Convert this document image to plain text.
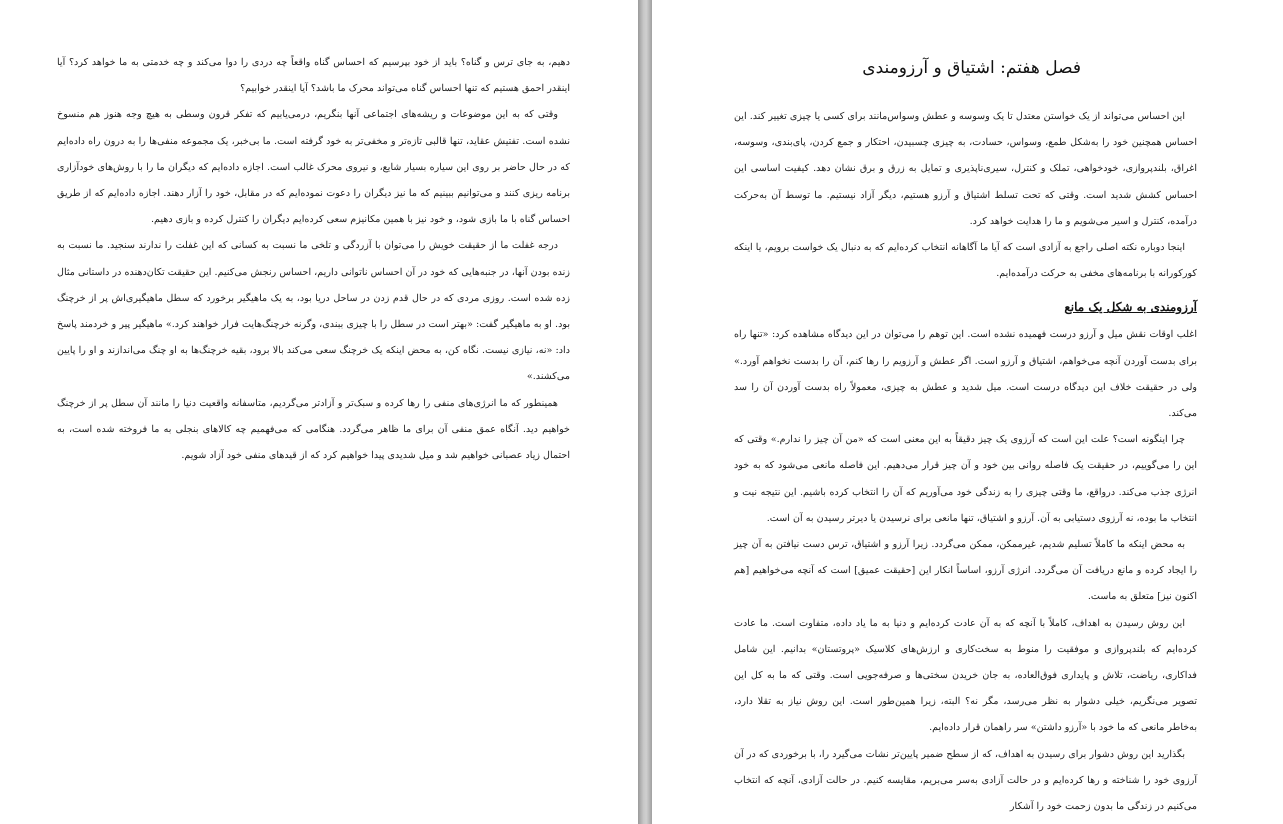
دهیم، به جای ترس و گناه؟ باید از خود بپرسیم که احساس گناه واقعاً چه دردی را دوا می‌کند و چه خدمتی به ما خواهد کرد؟ آیا اینقدر احمق هستیم که تنها احساس گناه می‌تواند محرک ما باشد؟ آیا اینقدر خوابیم؟

وقتی که به این موضوعات و ریشه‌های اجتماعی آنها بنگریم، درمی‌یابیم که تفکر قرون وسطی به هیچ وجه هنوز هم منسوخ نشده است. تفتیش عقاید، تنها قالبی تازه‌تر و مخفی‌تر به خود گرفته است. ما بی‌خبر، یک مجموعه منفی‌ها را به درون راه داده‌ایم که در حال حاضر بر روی این سیاره بسیار شایع، و نیروی محرک غالب است. اجازه داده‌ایم که دیگران ما را با روش‌های خودآزاری برنامه ریزی کنند و می‌توانیم ببینیم که ما نیز دیگران را دعوت نموده‌ایم که در مقابل، خود را آزار دهند. اجازه داده‌ایم که از طریق احساس گناه با ما بازی شود، و خود نیز با همین مکانیزم سعی کرده‌ایم دیگران را کنترل کرده و بازی دهیم.

درجه غفلت ما از حقیقت خویش را می‌توان با آزردگی و تلخی ما نسبت به کسانی که این غفلت را ندارند سنجید. ما نسبت به زنده بودن آنها، در جنبه‌هایی که خود در آن احساس ناتوانی داریم، احساس رنجش می‌کنیم. این حقیقت تکان‌دهنده در داستانی مثال زده شده است. روزی مردی که در حال قدم زدن در ساحل دریا بود، به یک ماهیگیر برخورد که سطل ماهیگیری‌اش پر از خرچنگ بود. او به ماهیگیر گفت: «بهتر است در سطل را با چیزی ببندی، وگرنه خرچنگ‌هایت فرار خواهند کرد.» ماهیگیر پیر و خردمند پاسخ داد: «نه، نیازی نیست. نگاه کن، به محض اینکه یک خرچنگ سعی می‌کند بالا برود، بقیه خرچنگ‌ها به او چنگ می‌اندازند و او را پایین می‌کشند.»

همینطور که ما انرژی‌های منفی را رها کرده و سبک‌تر و آزادتر می‌گردیم، متاسفانه واقعیت دنیا را مانند آن سطل پر از خرچنگ خواهیم دید. آنگاه عمق منفی آن برای ما ظاهر می‌گردد. هنگامی که می‌فهمیم چه کالاهای بنجلی به ما فروخته شده است، به احتمال زیاد عصبانی خواهیم شد و میل شدیدی پیدا خواهیم کرد که از قیدهای منفی خود آزاد شویم.

فصل هفتم: اشتیاق و آرزومندی

این احساس می‌تواند از یک خواستن معتدل تا یک وسوسه و عطش وسواس‌مانند برای کسی یا چیزی تغییر کند. این احساس همچنین خود را به‌شکل طمع، وسواس، حسادت، به چیزی چسبیدن، احتکار و جمع کردن، پای‌بندی، وسوسه، اغراق، بلندپروازی، خودخواهی، تملک و کنترل، سیری‌ناپذیری و تمایل به زرق و برق نشان دهد. کیفیت اساسی این احساس کشش شدید است. وقتی که تحت تسلط اشتیاق و آرزو هستیم، دیگر آزاد نیستیم. ما توسط آن به‌حرکت درآمده، کنترل و اسیر می‌شویم و ما را هدایت خواهد کرد.

اینجا دوباره نکته اصلی راجع به آزادی است که آیا ما آگاهانه انتخاب کرده‌ایم که به دنبال یک خواست برویم، یا اینکه کورکورانه با برنامه‌های مخفی به حرکت درآمده‌ایم.

آرزومندی به شکل یک مانع

اغلب اوقات نقش میل و آرزو درست فهمیده نشده است. این توهم را می‌توان در این دیدگاه مشاهده کرد: «تنها راه برای بدست آوردن آنچه می‌خواهم، اشتیاق و آرزو است. اگر عطش و آرزویم را رها کنم، آن را بدست نخواهم آورد.» ولی در حقیقت خلاف این دیدگاه درست است. میل شدید و عطش به چیزی، معمولاً راه بدست آوردن آن را سد می‌کند.

چرا اینگونه است؟ علت این است که آرزوی یک چیز دقیقاً به این معنی است که «من آن چیز را ندارم.» وقتی که این را می‌گوییم، در حقیقت یک فاصله روانی بین خود و آن چیز قرار می‌دهیم. این فاصله مانعی می‌شود که به خود انرژی جذب می‌کند. درواقع، ما وقتی چیزی را به زندگی خود می‌آوریم که آن را انتخاب کرده باشیم. این نتیجه نیت و انتخاب ما بوده، نه آرزوی دستیابی به آن. آرزو و اشتیاق، تنها مانعی برای نرسیدن یا دیرتر رسیدن به آن است.

به محض اینکه ما کاملاً تسلیم شدیم، غیرممکن، ممکن می‌گردد. زیرا آرزو و اشتیاق، ترس دست نیافتن به آن چیز را ایجاد کرده و مانع دریافت آن می‌گردد. انرژی آرزو، اساساً انکار این [حقیقت عمیق] است که آنچه می‌خواهیم [هم اکنون نیز] متعلق به ماست.

این روش رسیدن به اهداف، کاملاً با آنچه که به آن عادت کرده‌ایم و دنیا به ما یاد داده، متفاوت است. ما عادت کرده‌ایم که بلندپروازی و موفقیت را منوط به سخت‌کاری و ارزش‌های کلاسیک «پروتستان» بدانیم. این شامل فداکاری، ریاضت، تلاش و پایداری فوق‌العاده، به جان خریدن سختی‌ها و صرفه‌جویی است. وقتی که ما به کل این تصویر می‌نگریم، خیلی دشوار به نظر می‌رسد، مگر نه؟ البته، زیرا همین‌طور است. این روش نیاز به تقلا دارد، به‌خاطر مانعی که ما خود با «آرزو داشتن» سر راهمان قرار داده‌ایم.

بگذارید این روش دشوار برای رسیدن به اهداف، که از سطح ضمیر پایین‌تر نشات می‌گیرد را، با برخوردی که در آن آرزوی خود را شناخته و رها کرده‌ایم و در حالت آزادی به‌سر می‌بریم، مقایسه کنیم. در حالت آزادی، آنچه که انتخاب می‌کنیم در زندگی ما بدون زحمت خود را آشکار
